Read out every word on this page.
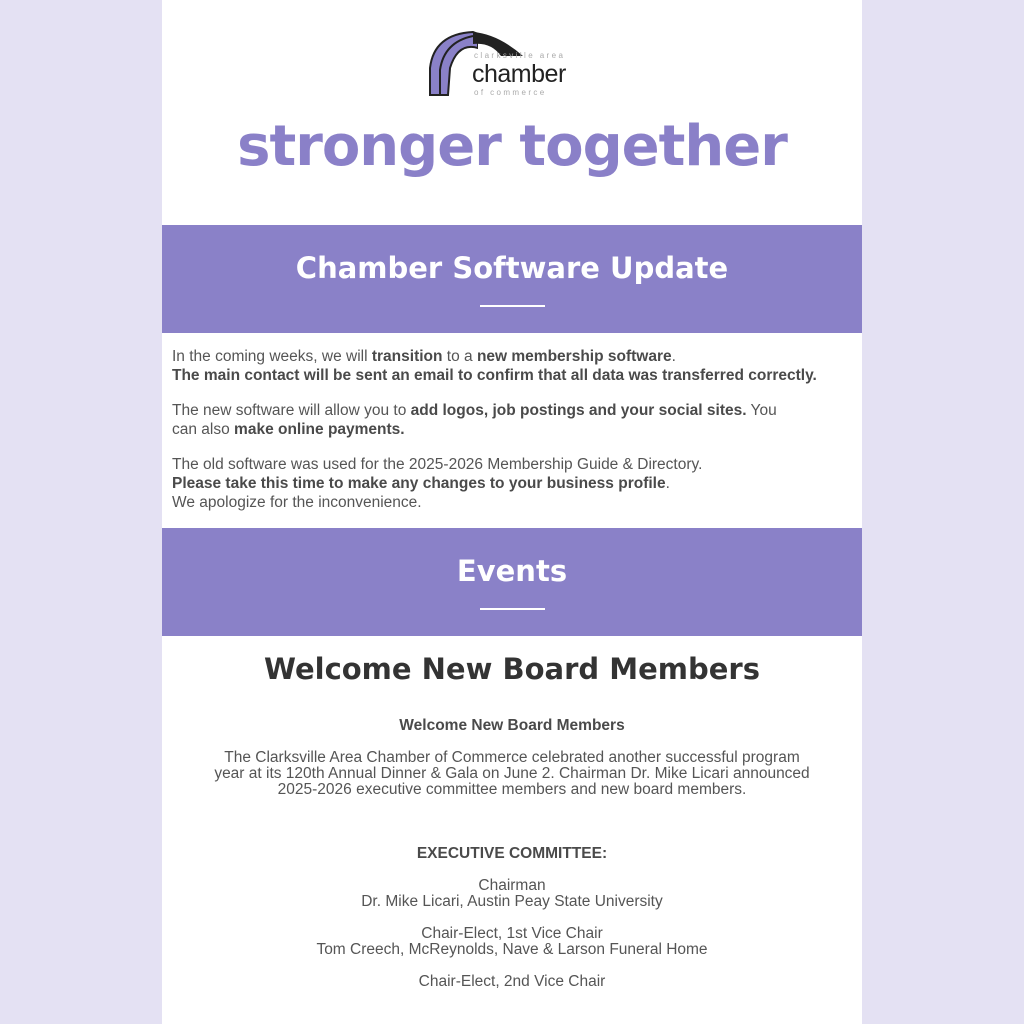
clarksville area
chamber
of commerce
stronger together
Chamber Software Update

In the coming weeks, we will transition to a new membership software.
The main contact will be sent an email to confirm that all data was transferred correctly.

The new software will allow you to add logos, job postings and your social sites. You can also make online payments.

The old software was used for the 2025-2026 Membership Guide & Directory.
Please take this time to make any changes to your business profile.
We apologize for the inconvenience.

Events
Welcome New Board Members
Welcome New Board Members
The Clarksville Area Chamber of Commerce celebrated another successful program year at its 120th Annual Dinner & Gala on June 2. Chairman Dr. Mike Licari announced 2025-2026 executive committee members and new board members.
EXECUTIVE COMMITTEE:
Chairman
Dr. Mike Licari, Austin Peay State University
Chair-Elect, 1st Vice Chair
Tom Creech, McReynolds, Nave & Larson Funeral Home
Chair-Elect, 2nd Vice Chair
